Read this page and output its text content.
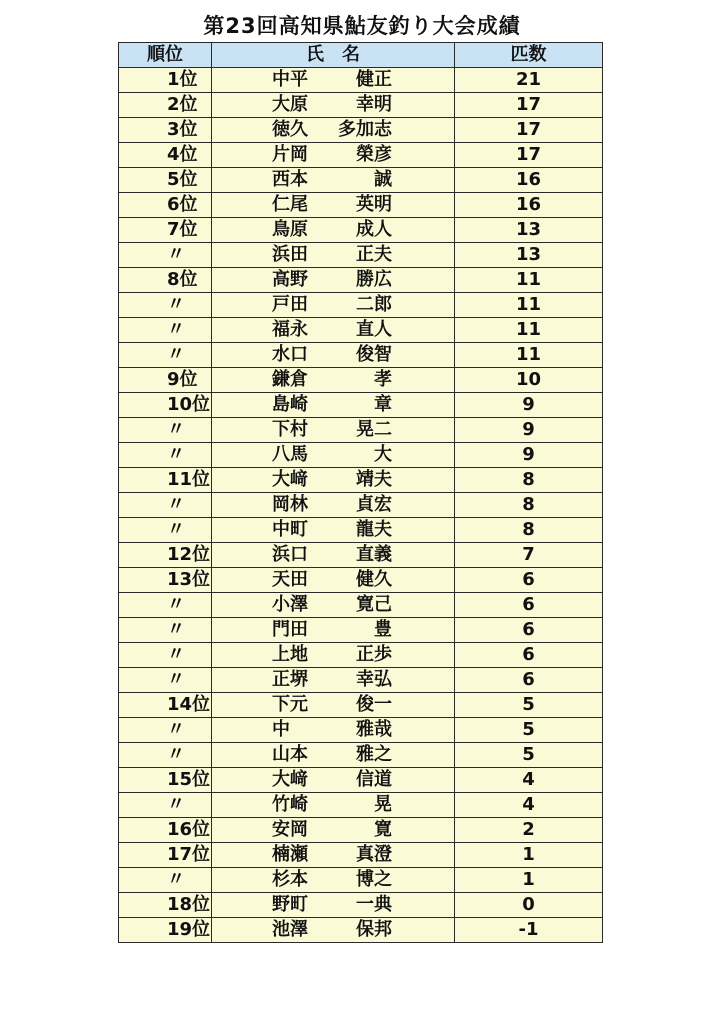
第23回高知県鮎友釣り大会成績
順位	氏　名	匹数
1位	中平 健正	21
2位	大原 幸明	17
3位	徳久 多加志	17
4位	片岡 榮彦	17
5位	西本 誠	16
6位	仁尾 英明	16
7位	鳥原 成人	13
〃	浜田 正夫	13
8位	高野 勝広	11
〃	戸田 二郎	11
〃	福永 直人	11
〃	水口 俊智	11
9位	鎌倉 孝	10
10位	島崎 章	9
〃	下村 晃二	9
〃	八馬 大	9
11位	大﨑 靖夫	8
〃	岡林 貞宏	8
〃	中町 龍夫	8
12位	浜口 直義	7
13位	天田 健久	6
〃	小澤 寛己	6
〃	門田 豊	6
〃	上地 正歩	6
〃	正堺 幸弘	6
14位	下元 俊一	5
〃	中 雅哉	5
〃	山本 雅之	5
15位	大﨑 信道	4
〃	竹崎 晃	4
16位	安岡 寛	2
17位	楠瀬 真澄	1
〃	杉本 博之	1
18位	野町 一典	0
19位	池澤 保邦	-1
